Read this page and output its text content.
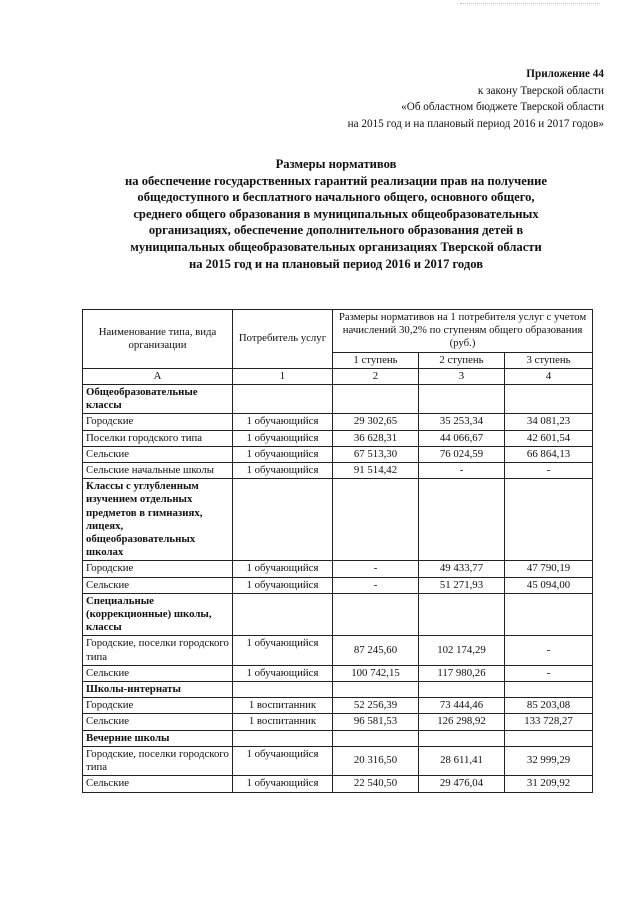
Приложение 44
к закону Тверской области
«Об областном бюджете Тверской области
на 2015 год и на плановый период 2016 и 2017 годов»
Размеры нормативов
на обеспечение государственных гарантий реализации прав на получение
общедоступного и бесплатного начального общего, основного общего,
среднего общего образования в муниципальных общеобразовательных
организациях, обеспечение дополнительного образования детей в
муниципальных общеобразовательных организациях Тверской области
на 2015 год и на плановый период 2016 и 2017 годов
Наименование типа, вида организации	Потребитель услуг	Размеры нормативов на 1 потребителя услуг с учетом начислений 30,2% по ступеням общего образования (руб.)		
		1 ступень	2 ступень	3 ступень
А	1	2	3	4
Общеобразовательные классы				
Городские	1 обучающийся	29 302,65	35 253,34	34 081,23
Поселки городского типа	1 обучающийся	36 628,31	44 066,67	42 601,54
Сельские	1 обучающийся	67 513,30	76 024,59	66 864,13
Сельские начальные школы	1 обучающийся	91 514,42	-	-
Классы с углубленным изучением отдельных предметов в гимназиях, лицеях, общеобразовательных школах				
Городские	1 обучающийся	-	49 433,77	47 790,19
Сельские	1 обучающийся	-	51 271,93	45 094,00
Специальные (коррекционные) школы, классы				
Городские, поселки городского типа	1 обучающийся	87 245,60	102 174,29	-
Сельские	1 обучающийся	100 742,15	117 980,26	-
Школы-интернаты				
Городские	1 воспитанник	52 256,39	73 444,46	85 203,08
Сельские	1 воспитанник	96 581,53	126 298,92	133 728,27
Вечерние школы				
Городские, поселки городского типа	1 обучающийся	20 316,50	28 611,41	32 999,29
Сельские	1 обучающийся	22 540,50	29 476,04	31 209,92
